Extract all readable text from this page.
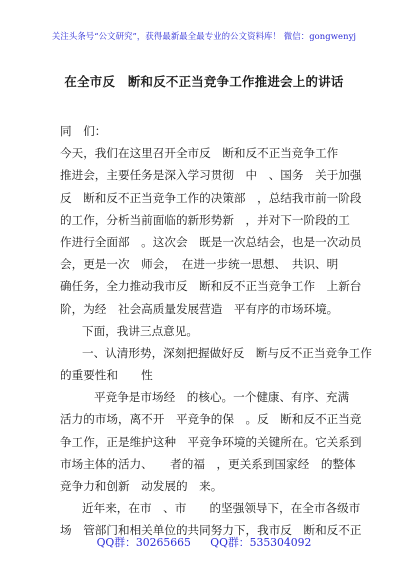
关注头条号“公文研究”，获得最新最全最专业的公文资料库！ 微信：gongwenyj
在全市反　断和反不正当竞争工作推进会上的讲话
同　们：
今天，我们在这里召开全市反　断和反不正当竞争工作
推进会，主要任务是深入学习贯彻　中　、国务　关于加强
反　断和反不正当竞争工作的决策部　，总结我市前一阶段
的工作，分析当前面临的新形势新　，并对下一阶段的工
作进行全面部　。这次会　既是一次总结会，也是一次动员
会，更是一次　师会，　在进一步统一思想、　共识、明
确任务，全力推动我市反　断和反不正当竞争工作　上新台
阶，为经　社会高质量发展营造　平有序的市场环境。
下面，我讲三点意见。
一、认清形势，深刻把握做好反　断与反不正当竞争工作
的重要性和　　性
平竞争是市场经　的核心。一个健康、有序、充满
活力的市场，离不开　平竞争的保　。反　断和反不正当竞
争工作，正是维护这种　平竞争环境的关键所在。它关系到
市场主体的活力、　　者的福　，更关系到国家经　的整体
竞争力和创新　动发展的　来。
近年来，在市　、市　　的坚强领导下，在全市各级市
场　管部门和相关单位的共同努力下，我市反　断和反不正
QQ群：30265665 QQ群：535304092
